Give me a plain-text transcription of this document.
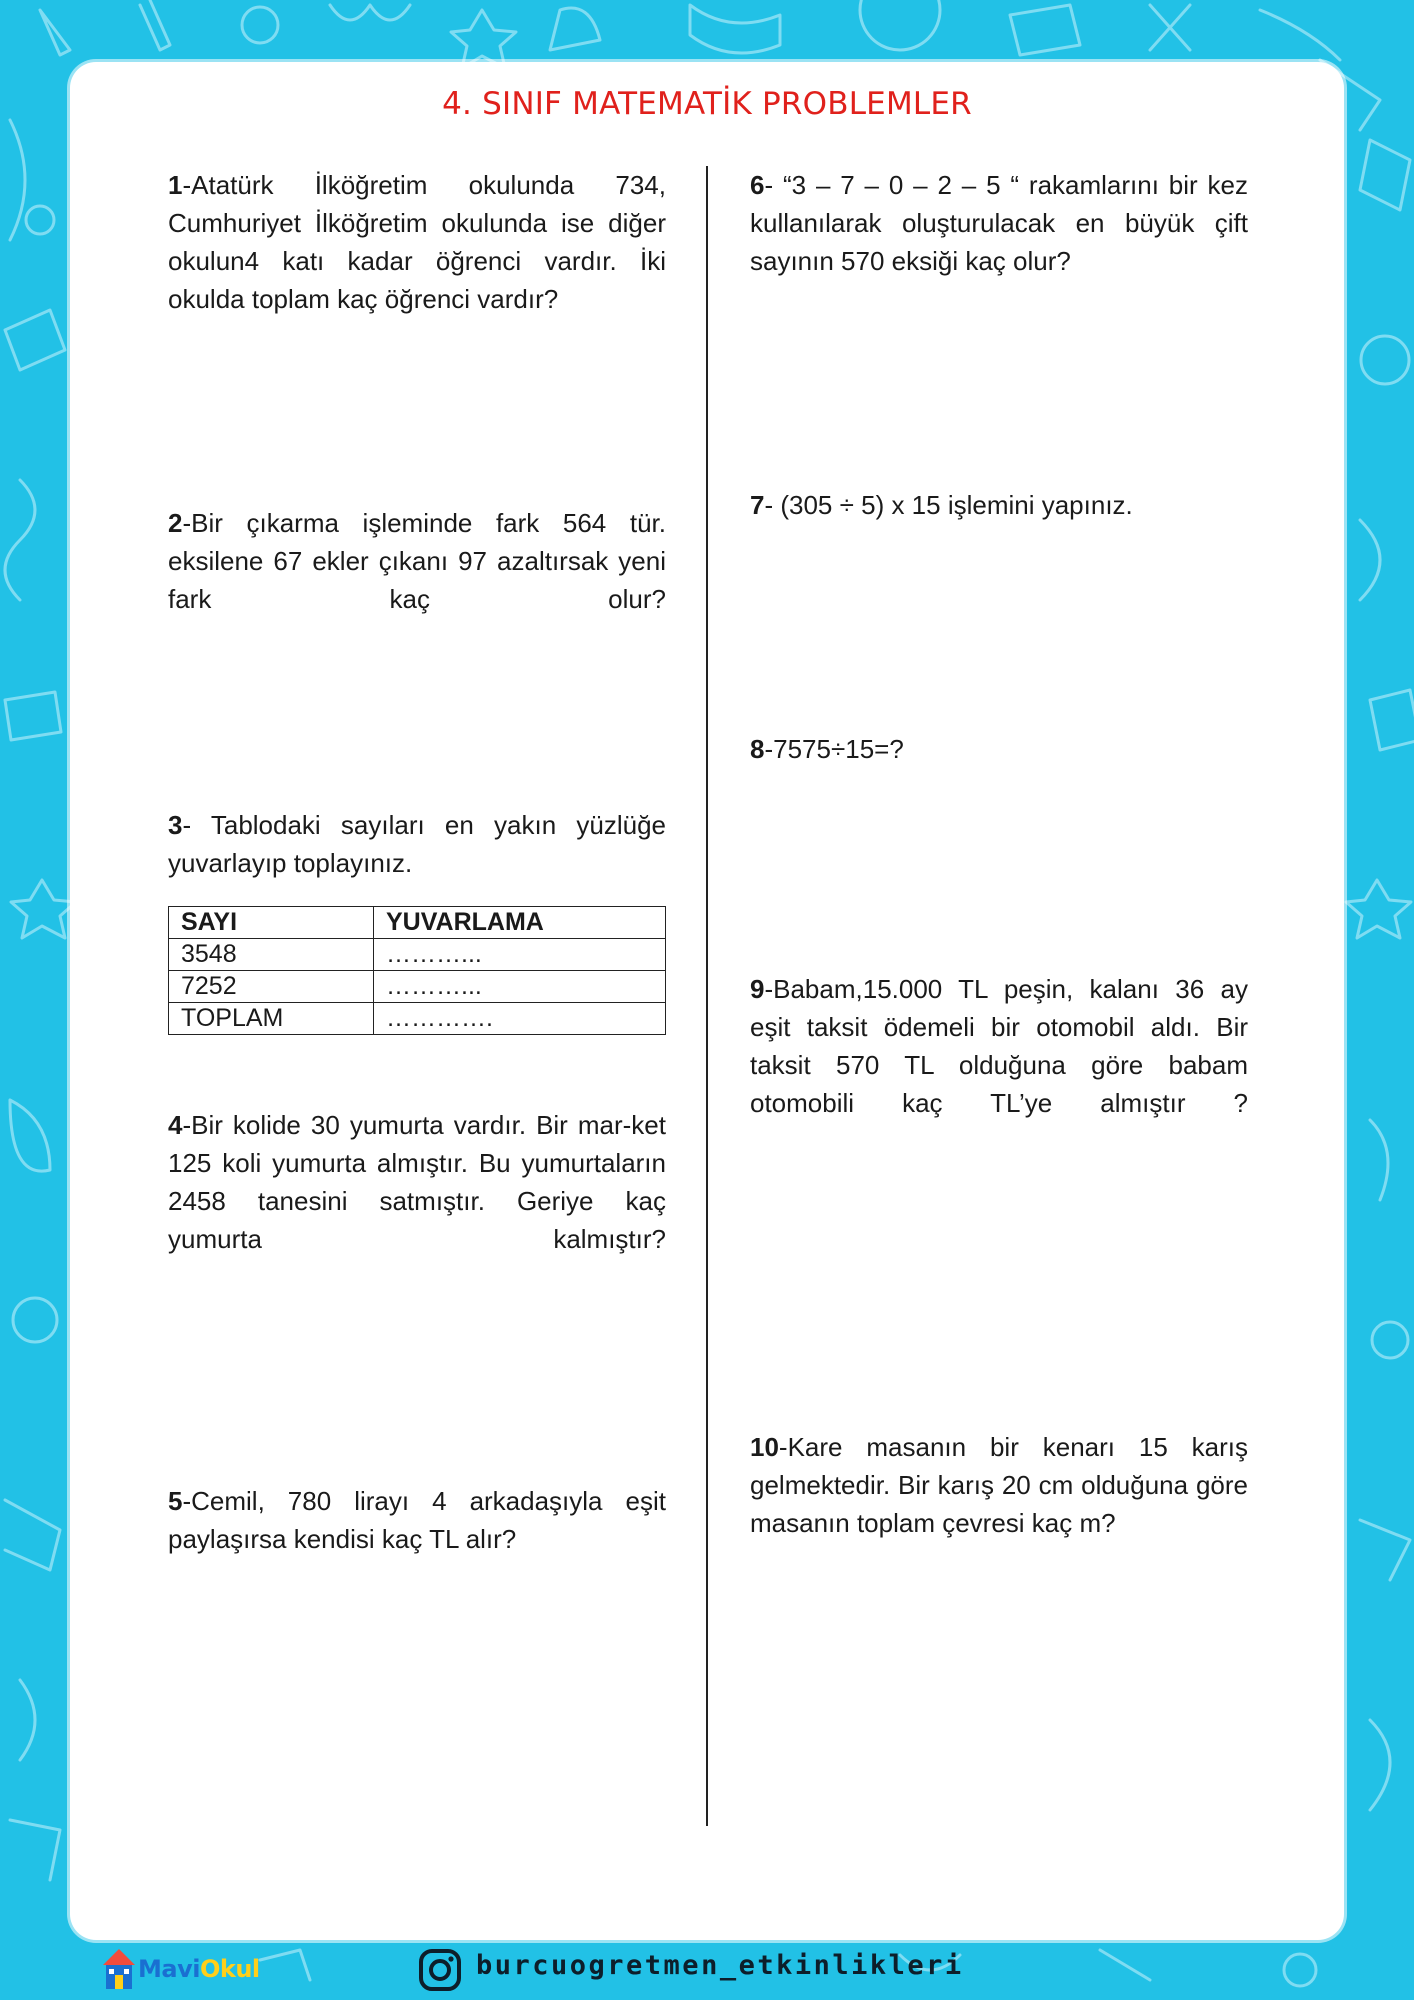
4. SINIF MATEMATİK PROBLEMLER
1-Atatürk İlköğretim okulunda 734, Cumhuriyet İlköğretim okulunda ise diğer okulun4 katı kadar öğrenci vardır. İki okulda toplam kaç öğrenci vardır?
2-Bir çıkarma işleminde fark 564 tür. eksilene 67 ekler çıkanı 97 azaltırsak yeni fark kaç olur?
3- Tablodaki sayıları en yakın yüzlüğe yuvarlayıp toplayınız.
SAYI	YUVARLAMA
3548	………...
7252	………...
TOPLAM	………….
4-Bir kolide 30 yumurta vardır. Bir mar-ket 125 koli yumurta almıştır. Bu yumurtaların 2458 tanesini satmıştır. Geriye kaç yumurta kalmıştır?
5-Cemil, 780 lirayı 4 arkadaşıyla eşit paylaşırsa kendisi kaç TL alır?
6- “3 – 7 – 0 – 2 – 5 “ rakamlarını bir kez kullanılarak oluşturulacak en büyük çift sayının 570 eksiği kaç olur?
7- (305 ÷ 5) x 15 işlemini yapınız.
8-7575÷15=?
9-Babam,15.000 TL peşin, kalanı 36 ay eşit taksit ödemeli bir otomobil aldı. Bir taksit 570 TL olduğuna göre babam otomobili kaç TL’ye almıştır ?
10-Kare masanın bir kenarı 15 karış gelmektedir. Bir karış 20 cm olduğuna göre masanın toplam çevresi kaç m?
MaviOkul	burcuogretmen_etkinlikleri
